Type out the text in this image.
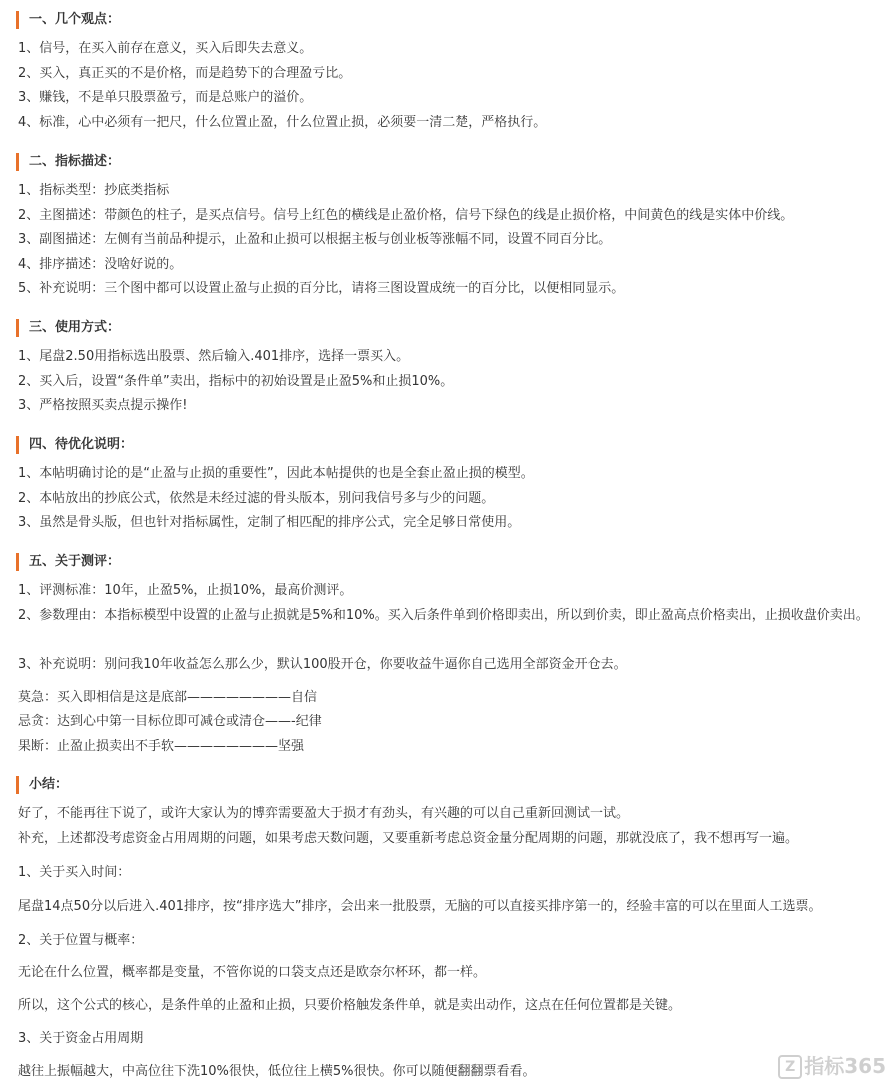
一、几个观点：
1、信号，在买入前存在意义，买入后即失去意义。
2、买入，真正买的不是价格，而是趋势下的合理盈亏比。
3、赚钱，不是单只股票盈亏，而是总账户的溢价。
4、标准，心中必须有一把尺，什么位置止盈，什么位置止损，必须要一清二楚，严格执行。
二、指标描述：
1、指标类型：抄底类指标
2、主图描述：带颜色的柱子，是买点信号。信号上红色的横线是止盈价格，信号下绿色的线是止损价格，中间黄色的线是实体中价线。
3、副图描述：左侧有当前品种提示，止盈和止损可以根据主板与创业板等涨幅不同，设置不同百分比。
4、排序描述：没啥好说的。
5、补充说明：三个图中都可以设置止盈与止损的百分比，请将三图设置成统一的百分比，以便相同显示。
三、使用方式：
1、尾盘2.50用指标选出股票、然后输入.401排序，选择一票买入。
2、买入后，设置“条件单”卖出，指标中的初始设置是止盈5%和止损10%。
3、严格按照买卖点提示操作!
四、待优化说明：
1、本帖明确讨论的是“止盈与止损的重要性”，因此本帖提供的也是全套止盈止损的模型。
2、本帖放出的抄底公式，依然是未经过滤的骨头版本，别问我信号多与少的问题。
3、虽然是骨头版，但也针对指标属性，定制了相匹配的排序公式，完全足够日常使用。
五、关于测评：
1、评测标准：10年，止盈5%，止损10%，最高价测评。
2、参数理由：本指标模型中设置的止盈与止损就是5%和10%。买入后条件单到价格即卖出，所以到价卖，即止盈高点价格卖出，止损收盘价卖出。
3、补充说明：别问我10年收益怎么那么少，默认100股开仓，你要收益牛逼你自己选用全部资金开仓去。
莫急：买入即相信是这是底部————————自信
忌贪：达到心中第一目标位即可减仓或清仓——-纪律
果断：止盈止损卖出不手软————————坚强
小结：
好了，不能再往下说了，或许大家认为的博弈需要盈大于损才有劲头，有兴趣的可以自己重新回测试一试。
补充，上述都没考虑资金占用周期的问题，如果考虑天数问题，又要重新考虑总资金量分配周期的问题，那就没底了，我不想再写一遍。
1、关于买入时间：
尾盘14点50分以后进入.401排序，按“排序选大”排序，会出来一批股票，无脑的可以直接买排序第一的，经验丰富的可以在里面人工选票。
2、关于位置与概率：
无论在什么位置，概率都是变量，不管你说的口袋支点还是欧奈尔杯环，都一样。
所以，这个公式的核心，是条件单的止盈和止损，只要价格触发条件单，就是卖出动作，这点在任何位置都是关键。
3、关于资金占用周期
越往上振幅越大，中高位往下洗10%很快，低位往上横5%很快。你可以随便翻翻票看看。	Z 指标365
